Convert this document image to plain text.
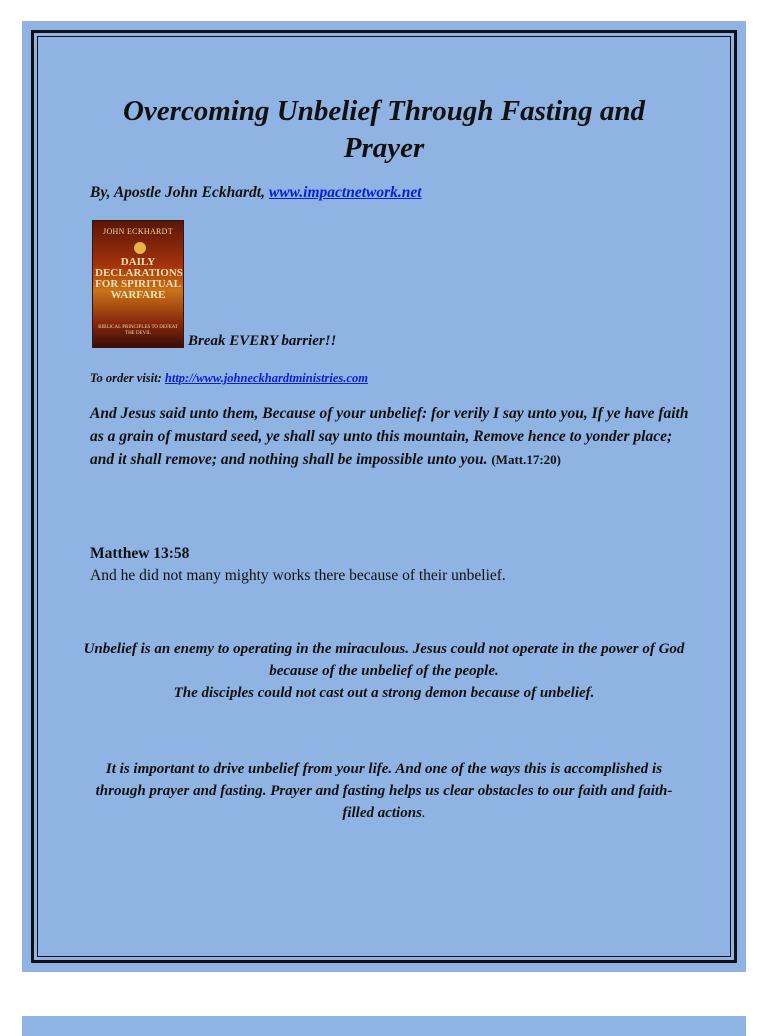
Overcoming Unbelief Through Fasting and Prayer
By, Apostle John Eckhardt, www.impactnetwork.net
JOHN ECKHARDT
DAILY
DECLARATIONS
FOR SPIRITUAL
WARFARE
BIBLICAL PRINCIPLES TO DEFEAT THE DEVIL	Break EVERY barrier!!
To order visit: http://www.johneckhardtministries.com
And Jesus said unto them, Because of your unbelief: for verily I say unto you, If ye have faith as a grain of mustard seed, ye shall say unto this mountain, Remove hence to yonder place; and it shall remove; and nothing shall be impossible unto you. (Matt.17:20)
Matthew 13:58
And he did not many mighty works there because of their unbelief.
Unbelief is an enemy to operating in the miraculous. Jesus could not operate in the power of God because of the unbelief of the people.
The disciples could not cast out a strong demon because of unbelief.
It is important to drive unbelief from your life. And one of the ways this is accomplished is through prayer and fasting. Prayer and fasting helps us clear obstacles to our faith and faith-filled actions.
